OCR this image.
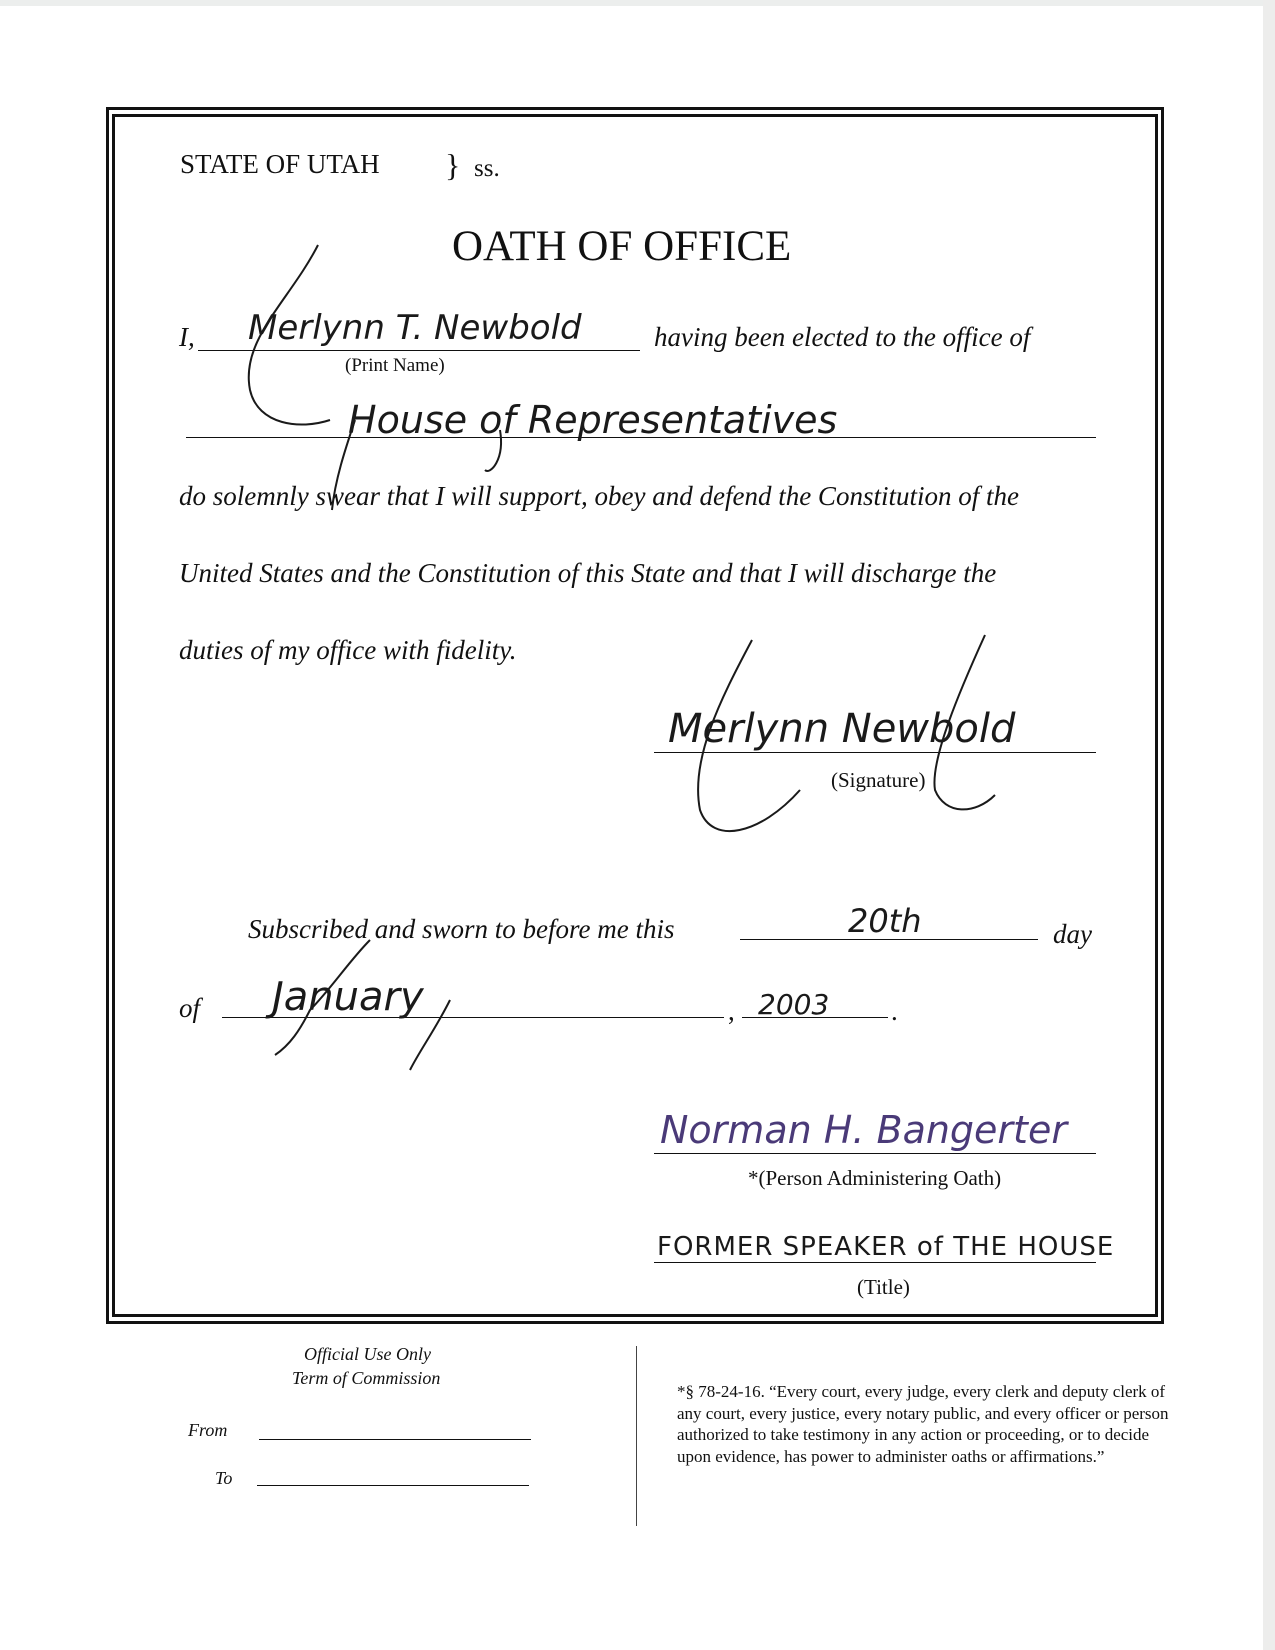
STATE OF UTAH } ss.
OATH OF OFFICE
I, Merlynn T. Newbold	having been elected to the office of
(Print Name)
House of Representatives
do solemnly swear that I will support, obey and defend the Constitution of the
United States and the Constitution of this State and that I will discharge the
duties of my office with fidelity.
Merlynn Newbold
(Signature)
Subscribed and sworn to before me this	20th	day
of January	, 2003 .
Norman H. Bangerter
*(Person Administering Oath)
FORMER SPEAKER of THE HOUSE
(Title)
Official Use Only
Term of Commission
From
To
*§ 78-24-16. “Every court, every judge, every clerk and deputy clerk of any court, every justice, every notary public, and every officer or person authorized to take testimony in any action or proceeding, or to decide upon evidence, has power to administer oaths or affirmations.”
